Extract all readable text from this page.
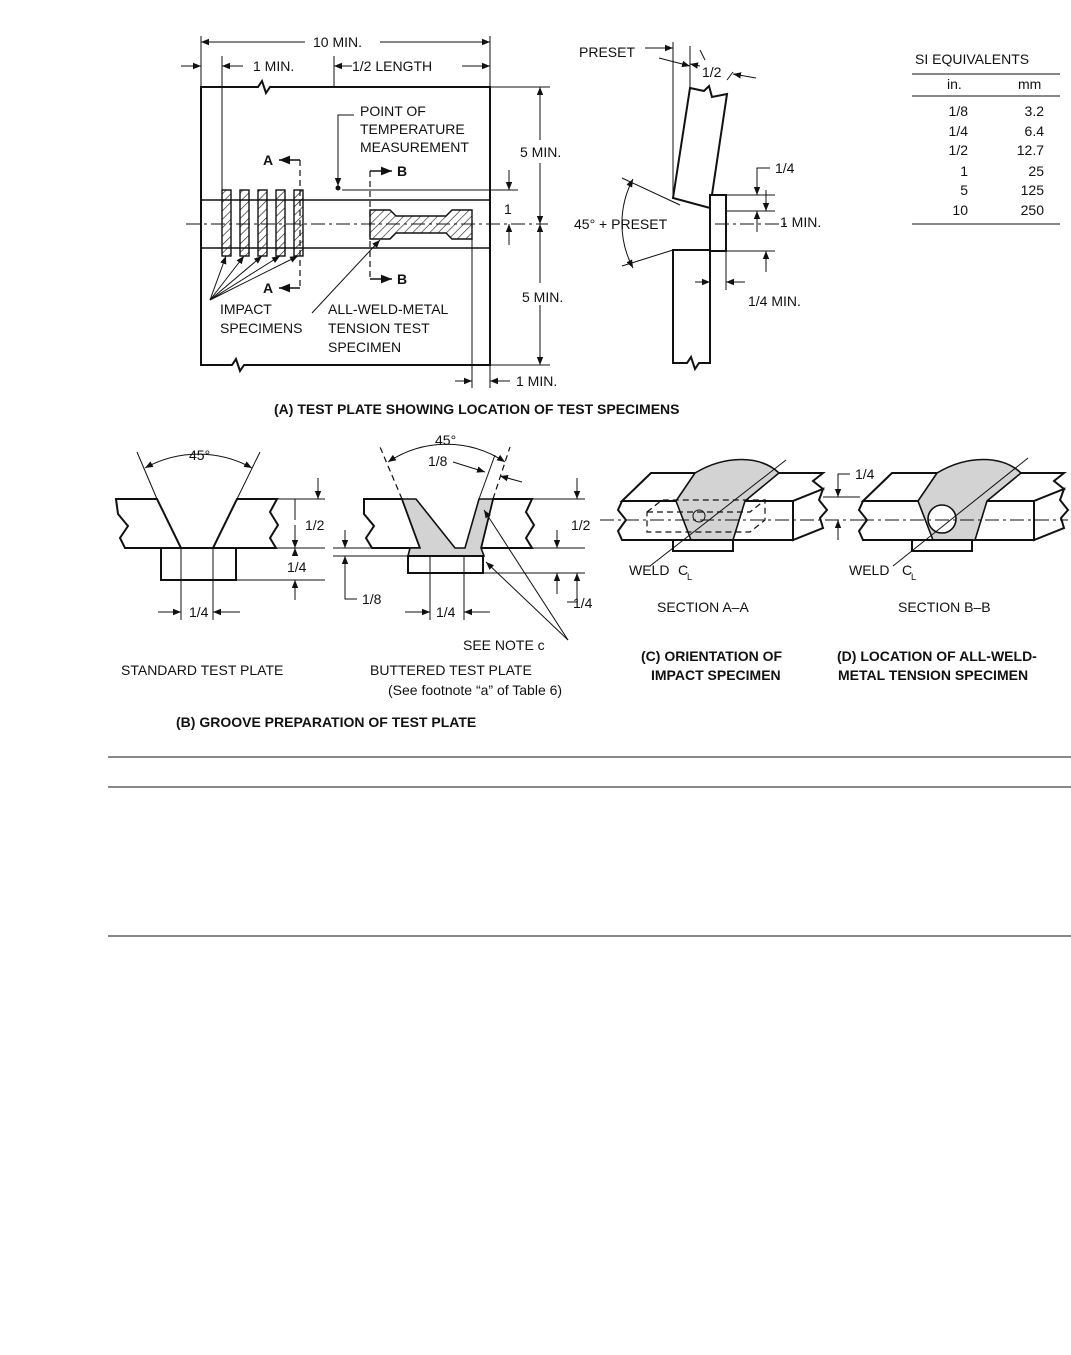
A
A
B
B
10 MIN.
1 MIN.	1/2 LENGTH
POINT OF
TEMPERATURE
MEASUREMENT	5 MIN.
5 MIN.
1
1 MIN.
IMPACT
SPECIMENS
ALL-WELD-METAL
TENSION TEST
SPECIMEN
(A) TEST PLATE SHOWING LOCATION OF TEST SPECIMENS
PRESET
1/2
1/4
1 MIN.
1/4 MIN.
45° + PRESET
SI EQUIVALENTS
in.	mm
1/8	3.2
1/4	6.4
1/2	12.7
1	25
5	125
10	250
45°
1/2
1/4
1/4
STANDARD TEST PLATE
45°
1/8
1/2
1/4
1/8
1/4
SEE NOTE c
BUTTERED TEST PLATE
(See footnote “a” of Table 6)
(B) GROOVE PREPARATION OF TEST PLATE
WELD C
L
SECTION A–A
(C) ORIENTATION OF
IMPACT SPECIMEN
1/4
WELD C
L
SECTION B–B
(D) LOCATION OF ALL-WELD-
METAL TENSION SPECIMEN
